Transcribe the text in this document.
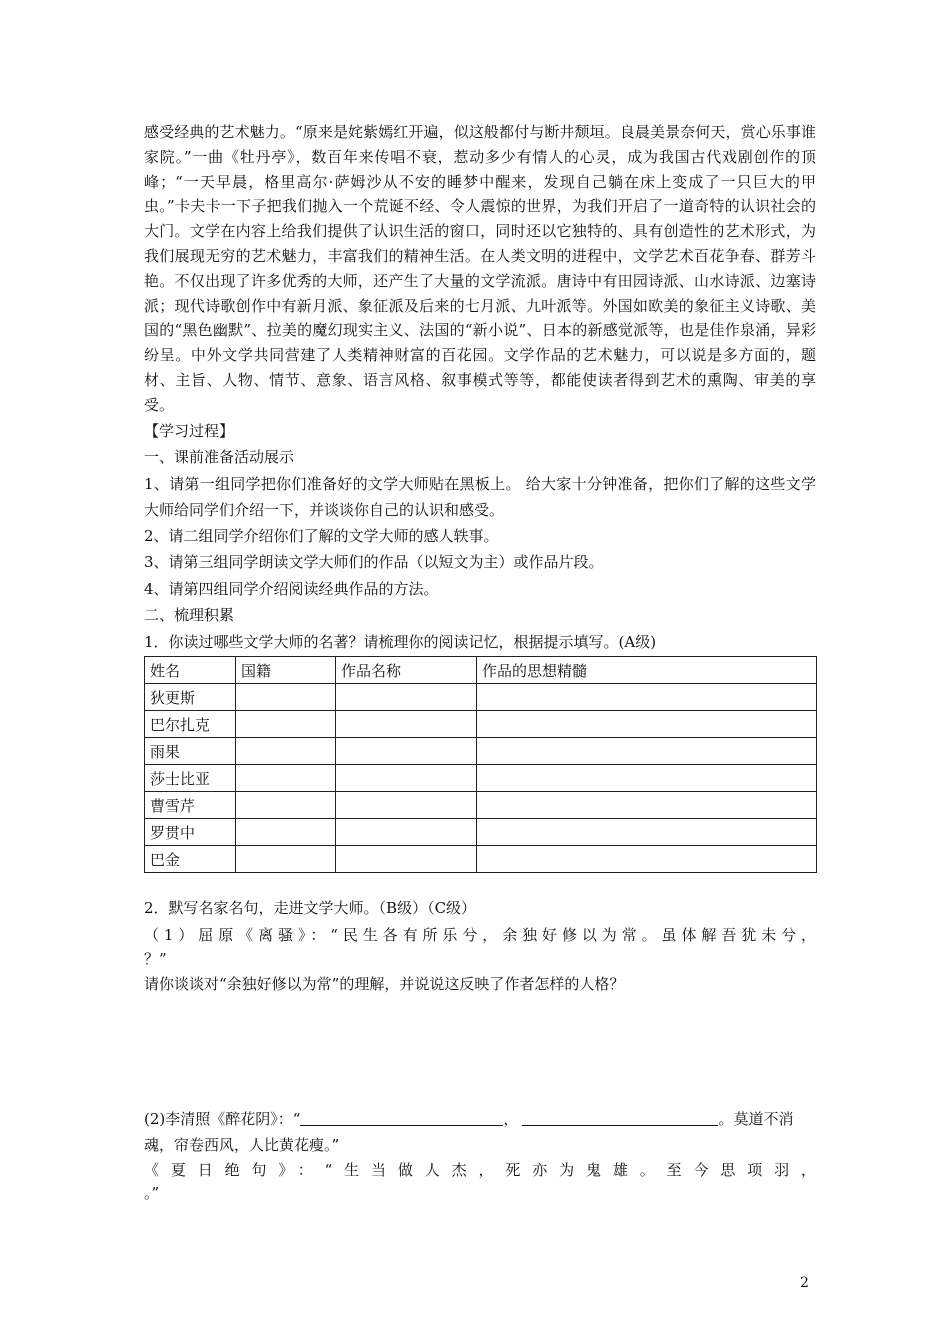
感受经典的艺术魅力。“原来是姹紫嫣红开遍，似这般都付与断井颓垣。良晨美景奈何天，赏心乐事谁家院。”一曲《牡丹亭》，数百年来传唱不衰，惹动多少有情人的心灵，成为我国古代戏剧创作的顶峰；“一天早晨，格里高尔·萨姆沙从不安的睡梦中醒来，发现自己躺在床上变成了一只巨大的甲虫。”卡夫卡一下子把我们抛入一个荒诞不经、令人震惊的世界，为我们开启了一道奇特的认识社会的大门。文学在内容上给我们提供了认识生活的窗口，同时还以它独特的、具有创造性的艺术形式，为我们展现无穷的艺术魅力，丰富我们的精神生活。在人类文明的进程中，文学艺术百花争春、群芳斗艳。不仅出现了许多优秀的大师，还产生了大量的文学流派。唐诗中有田园诗派、山水诗派、边塞诗派；现代诗歌创作中有新月派、象征派及后来的七月派、九叶派等。外国如欧美的象征主义诗歌、美国的“黑色幽默”、拉美的魔幻现实主义、法国的“新小说”、日本的新感觉派等，也是佳作泉涌，异彩纷呈。中外文学共同营建了人类精神财富的百花园。文学作品的艺术魅力，可以说是多方面的，题材、主旨、人物、情节、意象、语言风格、叙事模式等等，都能使读者得到艺术的熏陶、审美的享受。

【学习过程】

一、课前准备活动展示

1、请第一组同学把你们准备好的文学大师贴在黑板上。 给大家十分钟准备，把你们了解的这些文学大师给同学们介绍一下，并谈谈你自己的认识和感受。

2、请二组同学介绍你们了解的文学大师的感人轶事。

3、请第三组同学朗读文学大师们的作品（以短文为主）或作品片段。

4、请第四组同学介绍阅读经典作品的方法。

二、梳理积累

1．你读过哪些文学大师的名著？请梳理你的阅读记忆，根据提示填写。(A级)

姓名	国籍	作品名称	作品的思想精髓
狄更斯			
巴尔扎克			
雨果			
莎士比亚			
曹雪芹			
罗贯中			
巴金			

2．默写名家名句，走进文学大师。（B级）（C级）

（1）屈原《离骚》：“民生各有所乐兮，余独好修以为常。虽体解吾犹未兮，

？”

请你谈谈对“余独好修以为常”的理解，并说说这反映了作者怎样的人格？

(2)李清照《醉花阴》：“	，	。莫道不消

魂，帘卷西风，人比黄花瘦。”

《夏日绝句》：“生当做人杰，死亦为鬼雄。至今思项羽，

。”

2
